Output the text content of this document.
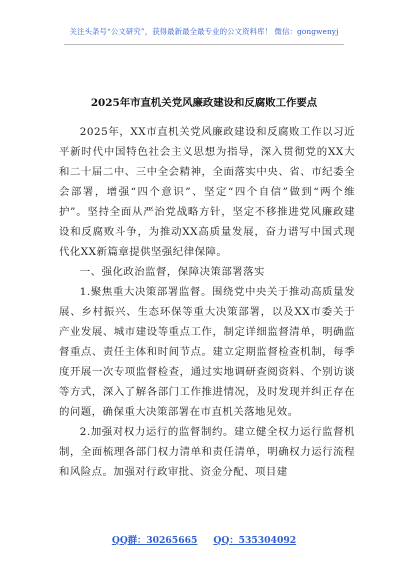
关注头条号“公文研究”，获得最新最全最专业的公文资料库！ 微信：gongwenyj
2025年市直机关党风廉政建设和反腐败工作要点

2025年，XX市直机关党风廉政建设和反腐败工作以习近平新时代中国特色社会主义思想为指导，深入贯彻党的XX大和二十届二中、三中全会精神，全面落实中央、省、市纪委全会部署，增强“四个意识”、坚定“四个自信”做到“两个维护”。坚持全面从严治党战略方针，坚定不移推进党风廉政建设和反腐败斗争，为推动XX高质量发展，奋力谱写中国式现代化XX新篇章提供坚强纪律保障。

一、强化政治监督，保障决策部署落实

1.聚焦重大决策部署监督。围绕党中央关于推动高质量发展、乡村振兴、生态环保等重大决策部署，以及XX市委关于产业发展、城市建设等重点工作，制定详细监督清单，明确监督重点、责任主体和时间节点。建立定期监督检查机制，每季度开展一次专项监督检查，通过实地调研查阅资料、个别访谈等方式，深入了解各部门工作推进情况，及时发现并纠正存在的问题，确保重大决策部署在市直机关落地见效。

2.加强对权力运行的监督制约。建立健全权力运行监督机制，全面梳理各部门权力清单和责任清单，明确权力运行流程和风险点。加强对行政审批、资金分配、项目建

QQ群：30265665 QQ：535304092
